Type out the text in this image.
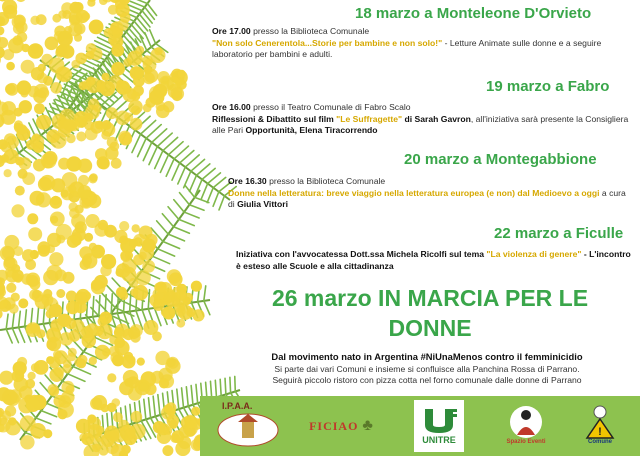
18 marzo a Monteleone D'Orvieto
Ore 17.00 presso la Biblioteca Comunale
"Non solo Cenerentola...Storie per bambine e non solo!" - Letture Animate sulle donne e a seguire laboratorio per bambini e adulti.
19 marzo a Fabro
Ore 16.00 presso il Teatro Comunale di Fabro Scalo
Riflessioni & Dibattito sul film "Le Suffragette" di Sarah Gavron, all'iniziativa sarà presente la Consigliera alle Pari Opportunità, Elena Tiracorrendo
20 marzo a Montegabbione
Ore 16.30 presso la Biblioteca Comunale
Donne nella letteratura: breve viaggio nella letteratura europea (e non) dal Medioevo a oggi a cura di Giulia Vittori
22 marzo a Ficulle
Iniziativa con l'avvocatessa Dott.ssa Michela Ricolfi sul tema "La violenza di genere" - L'incontro è esteso alle Scuole e alla cittadinanza
26 marzo IN MARCIA PER LE
DONNE
Dal movimento nato in Argentina #NiUnaMenos contro il femminicidio
Si parte dai vari Comuni e insieme si confluisce alla Panchina Rossa di Parrano.
Seguirà piccolo ristoro con pizza cotta nel forno comunale dalle donne di Parrano
I.P.A.A.
FICIAO ♣
UNITRE	Spazio Eventi
!
Comune
